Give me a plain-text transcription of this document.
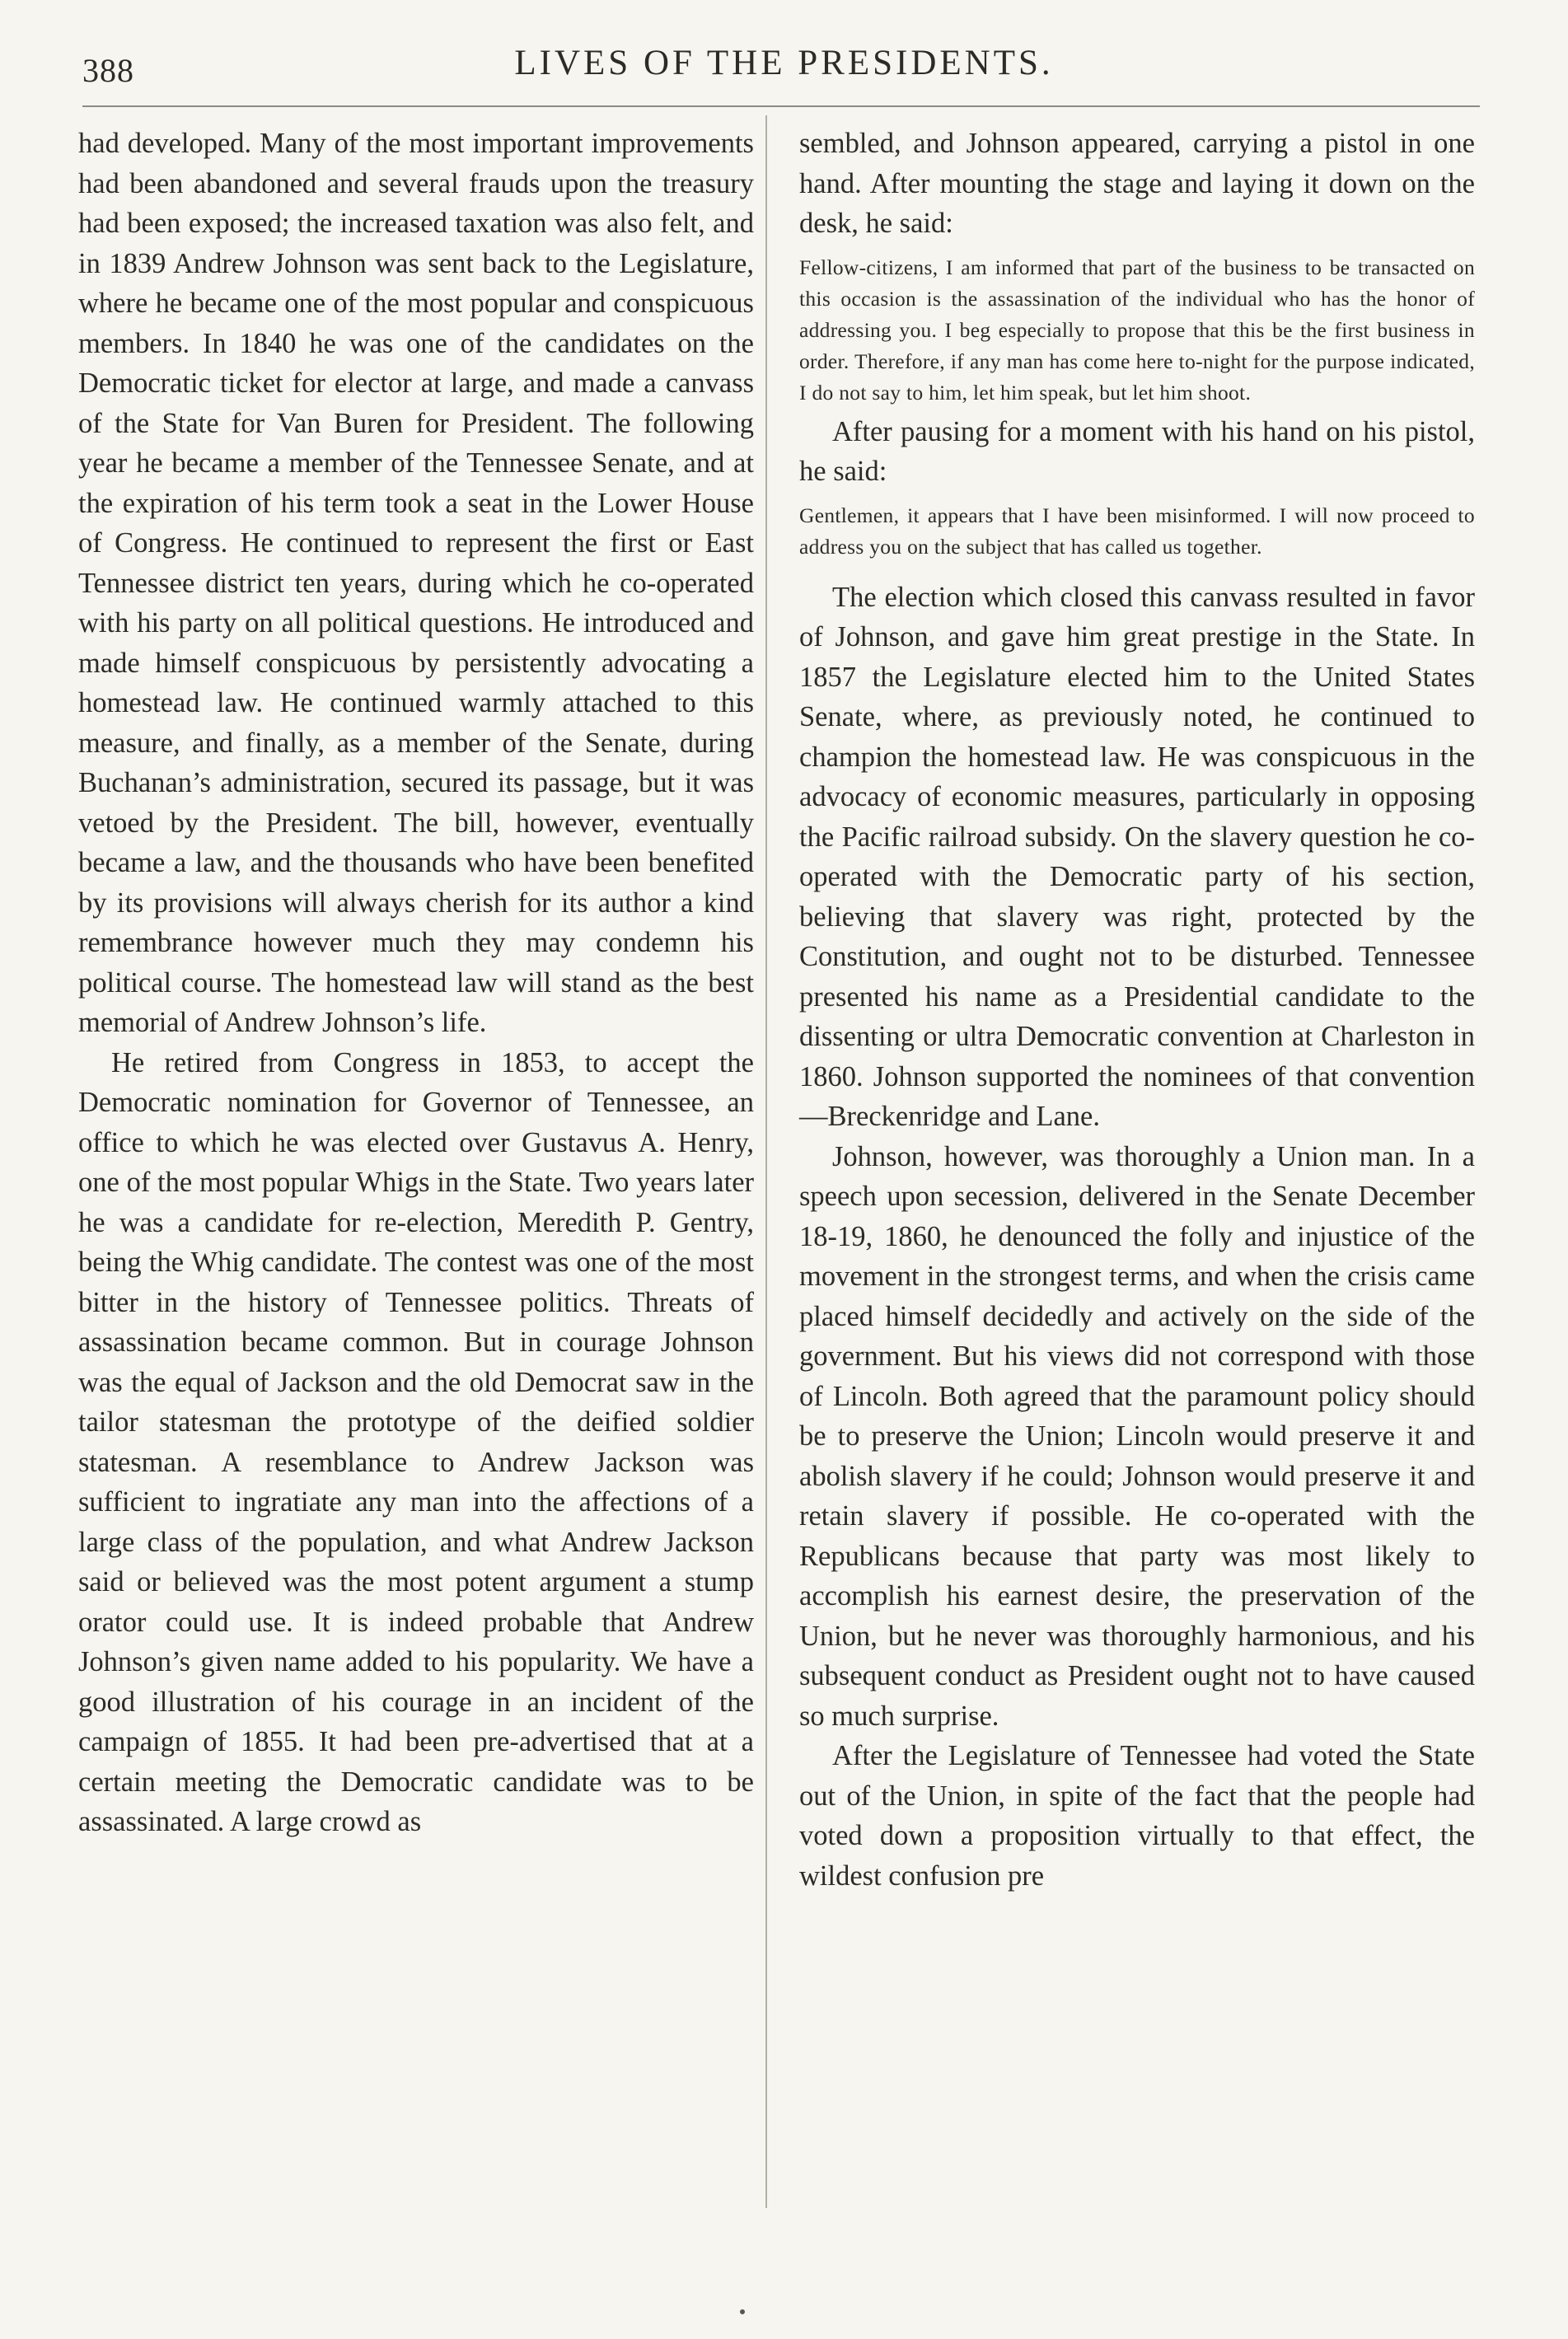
388	LIVES OF THE PRESIDENTS.

had developed. Many of the most important improvements had been abandoned and several frauds upon the treasury had been exposed; the increased taxation was also felt, and in 1839 Andrew Johnson was sent back to the Legislature, where he became one of the most popular and conspicuous members. In 1840 he was one of the candidates on the Democratic ticket for elector at large, and made a canvass of the State for Van Buren for President. The following year he became a member of the Tennessee Senate, and at the expiration of his term took a seat in the Lower House of Congress. He continued to represent the first or East Tennessee district ten years, during which he co-operated with his party on all political questions. He introduced and made himself conspicuous by persistently advocating a homestead law. He continued warmly attached to this measure, and finally, as a member of the Senate, during Buchanan’s administration, secured its passage, but it was vetoed by the President. The bill, however, eventually became a law, and the thousands who have been benefited by its provisions will always cherish for its author a kind remembrance however much they may condemn his political course. The homestead law will stand as the best memorial of Andrew Johnson’s life.

He retired from Congress in 1853, to accept the Democratic nomination for Governor of Tennessee, an office to which he was elected over Gustavus A. Henry, one of the most popular Whigs in the State. Two years later he was a candidate for re-election, Meredith P. Gentry, being the Whig candidate. The contest was one of the most bitter in the history of Tennessee politics. Threats of assassination became common. But in courage Johnson was the equal of Jackson and the old Democrat saw in the tailor statesman the prototype of the deified soldier statesman. A resemblance to Andrew Jackson was sufficient to ingratiate any man into the affections of a large class of the population, and what Andrew Jackson said or believed was the most potent argument a stump orator could use. It is indeed probable that Andrew Johnson’s given name added to his popularity. We have a good illustration of his courage in an incident of the campaign of 1855. It had been pre-advertised that at a certain meeting the Democratic candidate was to be assassinated. A large crowd as

sembled, and Johnson appeared, carrying a pistol in one hand. After mounting the stage and laying it down on the desk, he said:

Fellow-citizens, I am informed that part of the business to be transacted on this occasion is the assassination of the individual who has the honor of addressing you. I beg especially to propose that this be the first business in order. Therefore, if any man has come here to-night for the purpose indicated, I do not say to him, let him speak, but let him shoot.

After pausing for a moment with his hand on his pistol, he said:

Gentlemen, it appears that I have been misinformed. I will now proceed to address you on the subject that has called us together.

The election which closed this canvass resulted in favor of Johnson, and gave him great prestige in the State. In 1857 the Legislature elected him to the United States Senate, where, as previously noted, he continued to champion the homestead law. He was conspicuous in the advocacy of economic measures, particularly in opposing the Pacific railroad subsidy. On the slavery question he co-operated with the Democratic party of his section, believing that slavery was right, protected by the Constitution, and ought not to be disturbed. Tennessee presented his name as a Presidential candidate to the dissenting or ultra Democratic convention at Charleston in 1860. Johnson supported the nominees of that convention—Breckenridge and Lane.

Johnson, however, was thoroughly a Union man. In a speech upon secession, delivered in the Senate December 18-19, 1860, he denounced the folly and injustice of the movement in the strongest terms, and when the crisis came placed himself decidedly and actively on the side of the government. But his views did not correspond with those of Lincoln. Both agreed that the paramount policy should be to preserve the Union; Lincoln would preserve it and abolish slavery if he could; Johnson would preserve it and retain slavery if possible. He co-operated with the Republicans because that party was most likely to accomplish his earnest desire, the preservation of the Union, but he never was thoroughly harmonious, and his subsequent conduct as President ought not to have caused so much surprise.

After the Legislature of Tennessee had voted the State out of the Union, in spite of the fact that the people had voted down a proposition virtually to that effect, the wildest confusion pre
